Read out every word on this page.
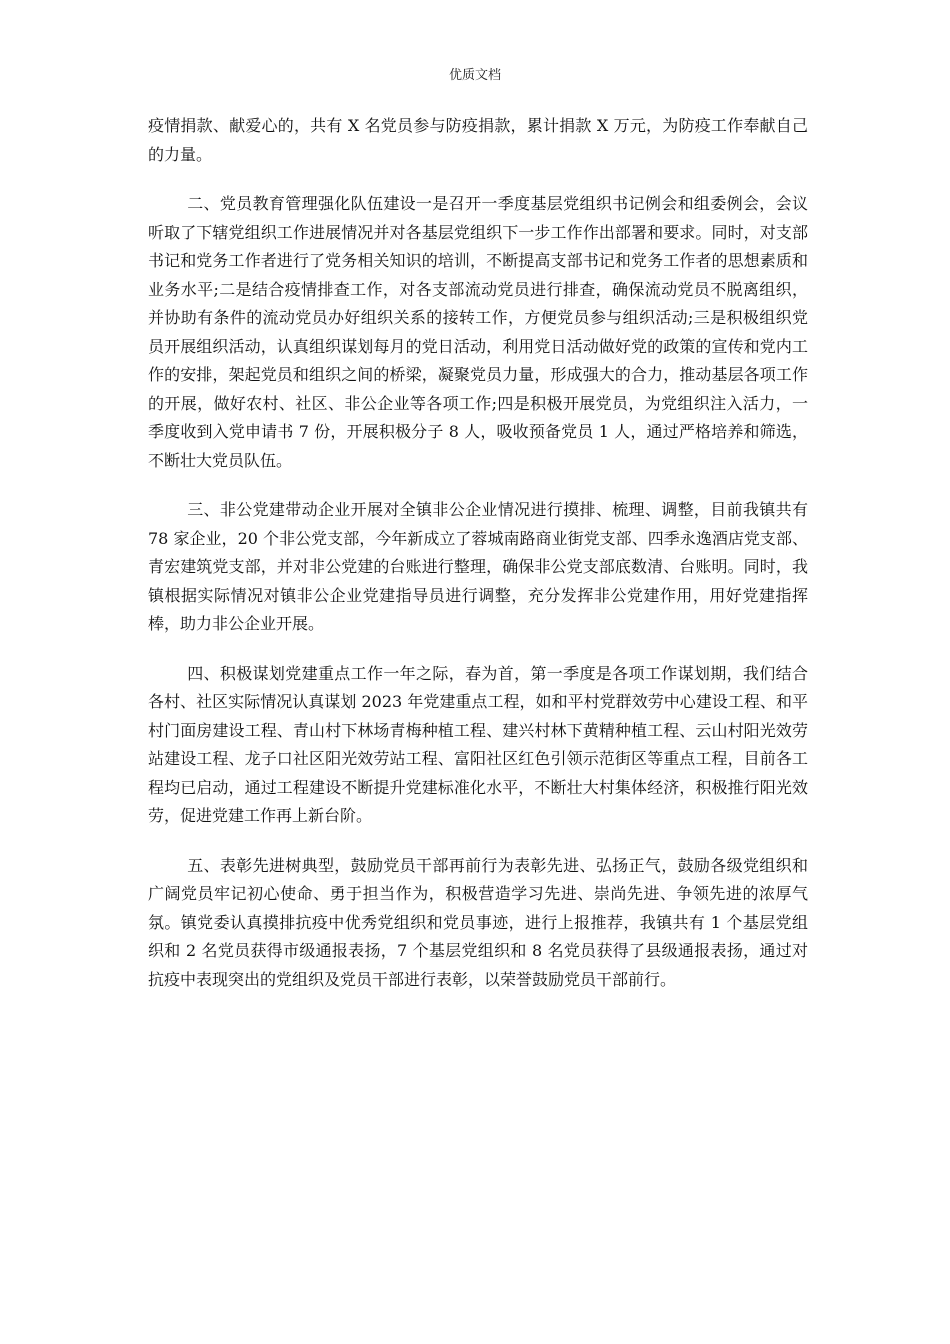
优质文档

疫情捐款、献爱心的，共有 X 名党员参与防疫捐款，累计捐款 X 万元，为防疫工作奉献自己的力量。

二、党员教育管理强化队伍建设一是召开一季度基层党组织书记例会和组委例会，会议听取了下辖党组织工作进展情况并对各基层党组织下一步工作作出部署和要求。同时，对支部书记和党务工作者进行了党务相关知识的培训，不断提高支部书记和党务工作者的思想素质和业务水平;二是结合疫情排查工作，对各支部流动党员进行排查，确保流动党员不脱离组织，并协助有条件的流动党员办好组织关系的接转工作，方便党员参与组织活动;三是积极组织党员开展组织活动，认真组织谋划每月的党日活动，利用党日活动做好党的政策的宣传和党内工作的安排，架起党员和组织之间的桥梁，凝聚党员力量，形成强大的合力，推动基层各项工作的开展，做好农村、社区、非公企业等各项工作;四是积极开展党员，为党组织注入活力，一季度收到入党申请书 7 份，开展积极分子 8 人，吸收预备党员 1 人，通过严格培养和筛选，不断壮大党员队伍。

三、非公党建带动企业开展对全镇非公企业情况进行摸排、梳理、调整，目前我镇共有 78 家企业，20 个非公党支部，今年新成立了蓉城南路商业街党支部、四季永逸酒店党支部、青宏建筑党支部，并对非公党建的台账进行整理，确保非公党支部底数清、台账明。同时，我镇根据实际情况对镇非公企业党建指导员进行调整，充分发挥非公党建作用，用好党建指挥棒，助力非公企业开展。

四、积极谋划党建重点工作一年之际，春为首，第一季度是各项工作谋划期，我们结合各村、社区实际情况认真谋划 2023 年党建重点工程，如和平村党群效劳中心建设工程、和平村门面房建设工程、青山村下林场青梅种植工程、建兴村林下黄精种植工程、云山村阳光效劳站建设工程、龙子口社区阳光效劳站工程、富阳社区红色引领示范街区等重点工程，目前各工程均已启动，通过工程建设不断提升党建标准化水平，不断壮大村集体经济，积极推行阳光效劳，促进党建工作再上新台阶。

五、表彰先进树典型，鼓励党员干部再前行为表彰先进、弘扬正气，鼓励各级党组织和广阔党员牢记初心使命、勇于担当作为，积极营造学习先进、崇尚先进、争领先进的浓厚气氛。镇党委认真摸排抗疫中优秀党组织和党员事迹，进行上报推荐，我镇共有 1 个基层党组织和 2 名党员获得市级通报表扬，7 个基层党组织和 8 名党员获得了县级通报表扬，通过对抗疫中表现突出的党组织及党员干部进行表彰，以荣誉鼓励党员干部前行。
